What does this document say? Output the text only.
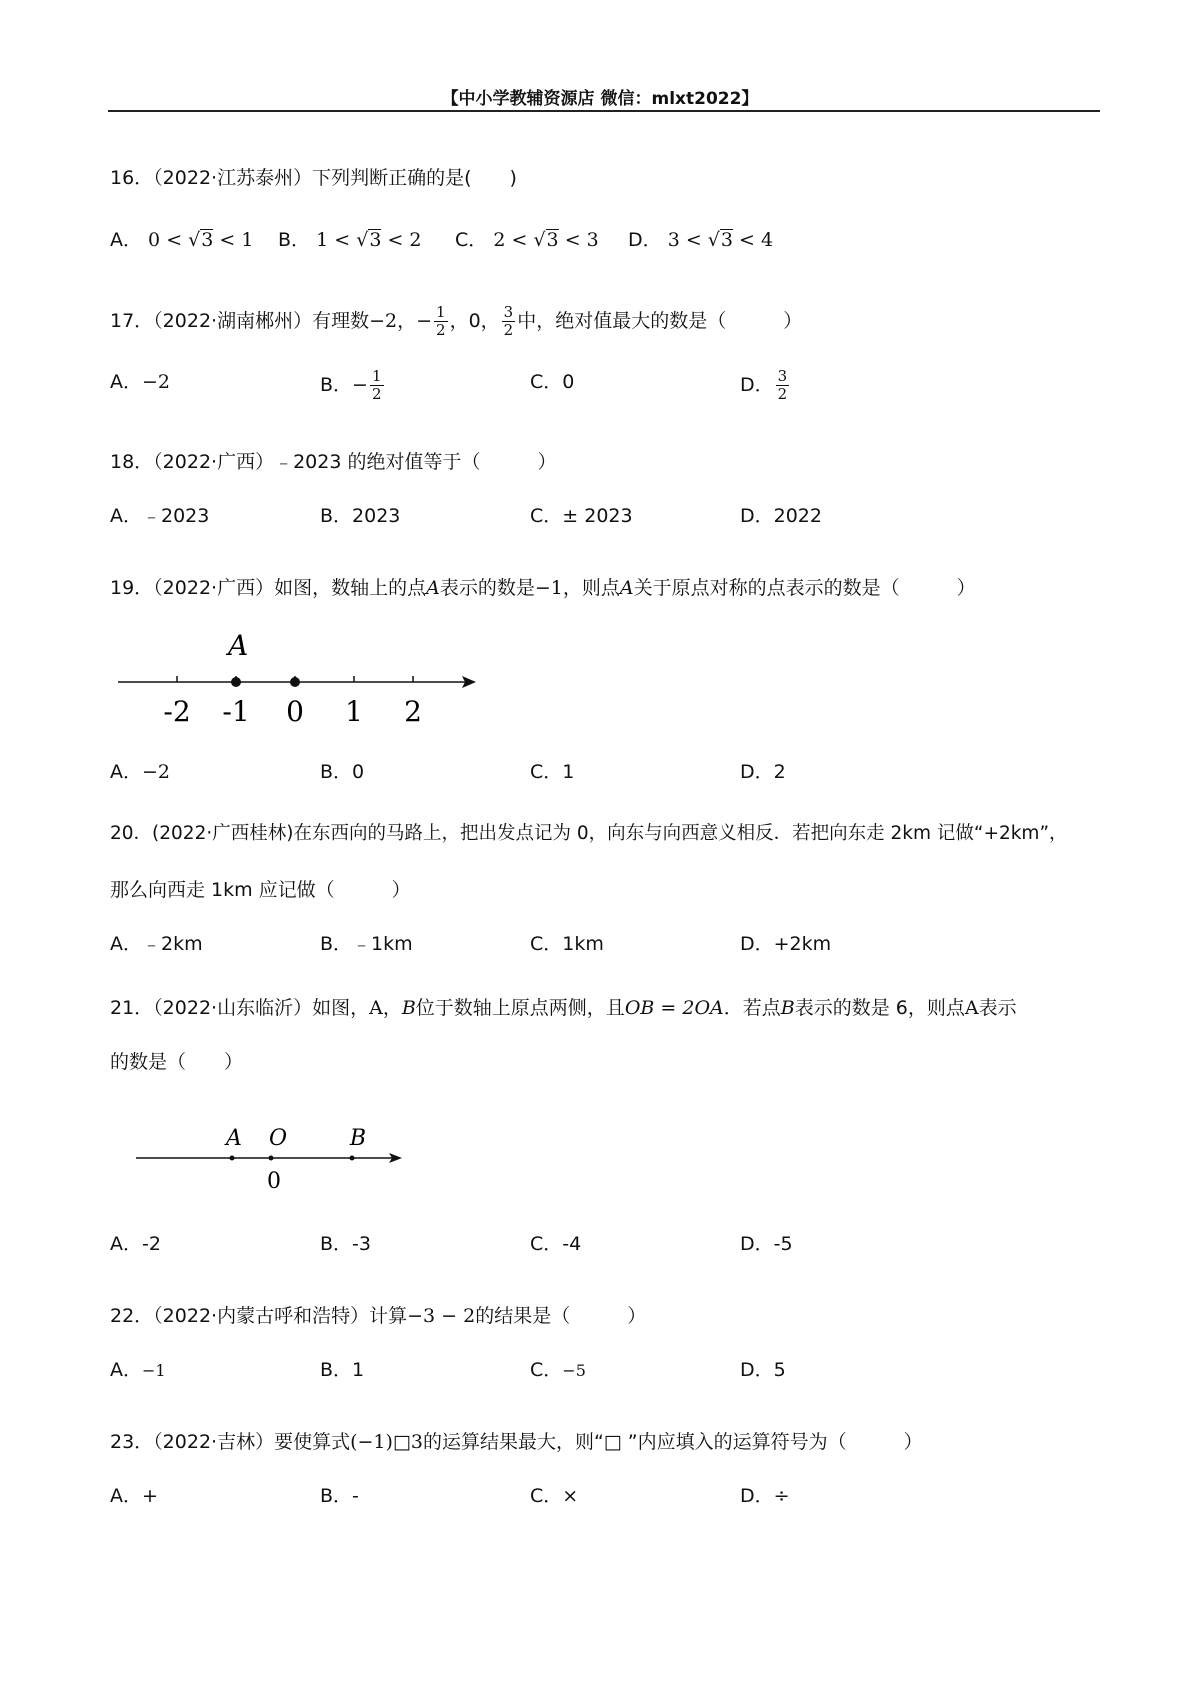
【中小学教辅资源店 微信：mlxt2022】
16．（2022·江苏泰州）下列判断正确的是(　　)
A． 0 < √3 < 1 B． 1 < √3 < 2 C． 2 < √3 < 3 D． 3 < √3 < 4
17．（2022·湖南郴州）有理数−2，− $\frac{1}{2}$ ，0， $\frac{3}{2}$ 中，绝对值最大的数是（　　　）
A．−2	B．− $\frac{1}{2}$	C．0	D． $\frac{3}{2}$
18．（2022·广西）﹣2023 的绝对值等于（　　　）
A．﹣2023	B．2023	C．± 2023	D．2022
19．（2022·广西）如图，数轴上的点A表示的数是−1，则点A关于原点对称的点表示的数是（　　　）
A
-2 -1 0 1 2
A．−2	B．0	C．1	D．2
20．(2022·广西桂林)在东西向的马路上，把出发点记为 0，向东与向西意义相反．若把向东走 2km 记做“+2km”，
那么向西走 1km 应记做（　　　）
A．﹣2km	B．﹣1km	C．1km	D．+2km
21．（2022·山东临沂）如图，A，B位于数轴上原点两侧，且OB = 2OA．若点B表示的数是 6，则点A表示
的数是（　　）
A O	B
0
A．-2	B．-3	C．-4	D．-5
22．（2022·内蒙古呼和浩特）计算−3 − 2的结果是（　　　）
A．−1	B．1	C．−5	D．5
23．（2022·吉林）要使算式(−1)□3的运算结果最大，则“□ ”内应填入的运算符号为（　　　）
A．+	B．-	C．×	D．÷
